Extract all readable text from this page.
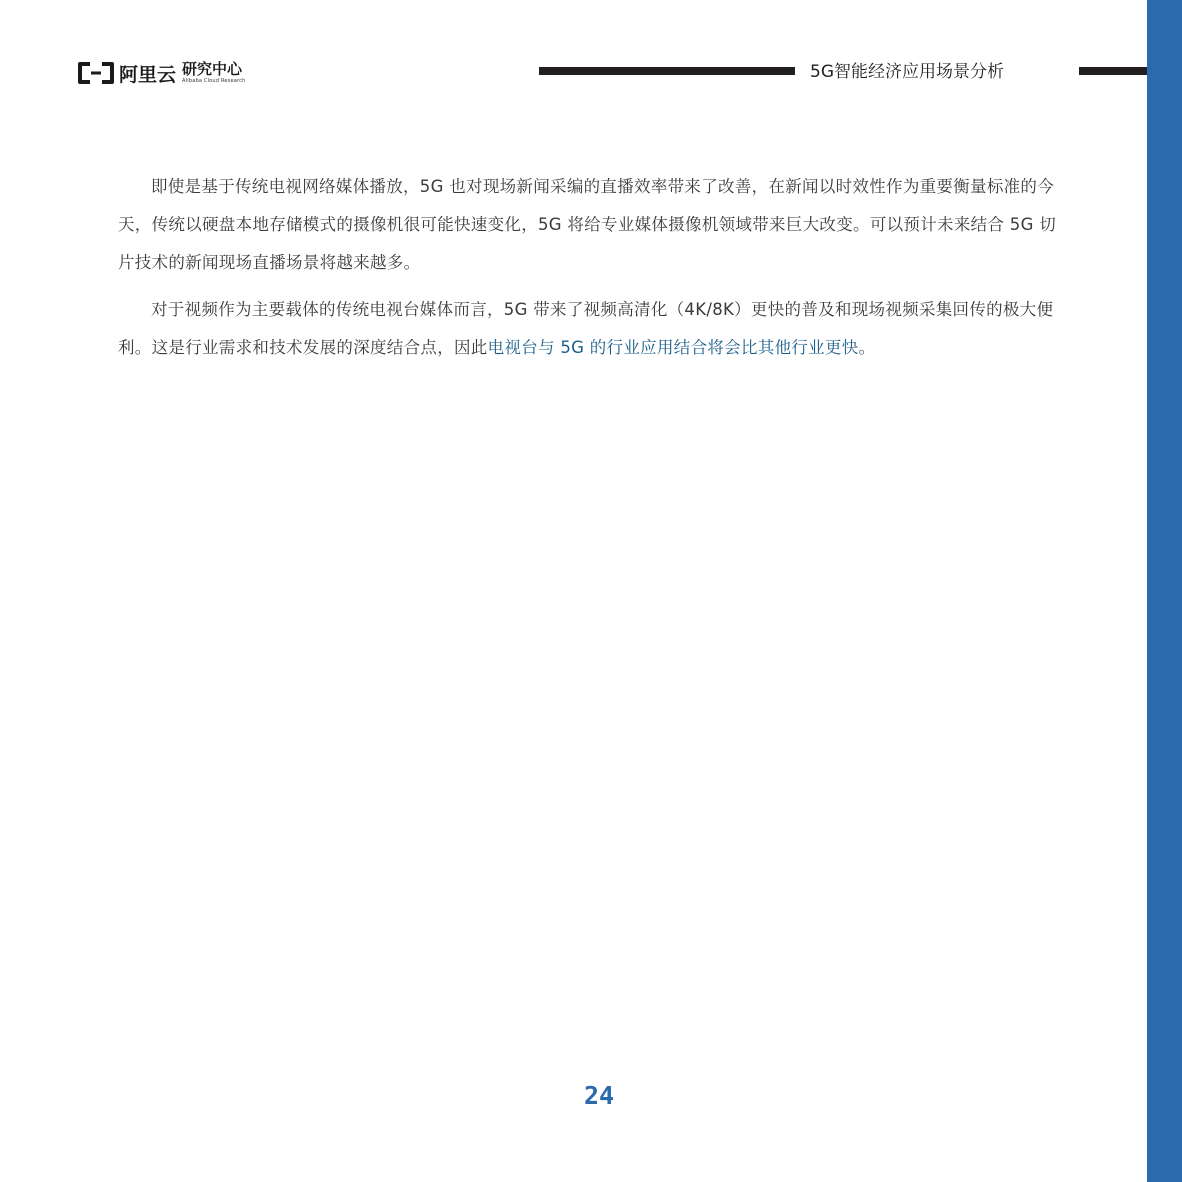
阿里云 研究中心
Alibaba Cloud Research	5G智能经济应用场景分析

即使是基于传统电视网络媒体播放，5G 也对现场新闻采编的直播效率带来了改善，在新闻以时效性作为重要衡量标准的今天，传统以硬盘本地存储模式的摄像机很可能快速变化，5G 将给专业媒体摄像机领域带来巨大改变。可以预计未来结合 5G 切片技术的新闻现场直播场景将越来越多。

对于视频作为主要载体的传统电视台媒体而言，5G 带来了视频高清化（4K/8K）更快的普及和现场视频采集回传的极大便利。这是行业需求和技术发展的深度结合点，因此电视台与 5G 的行业应用结合将会比其他行业更快。

24
